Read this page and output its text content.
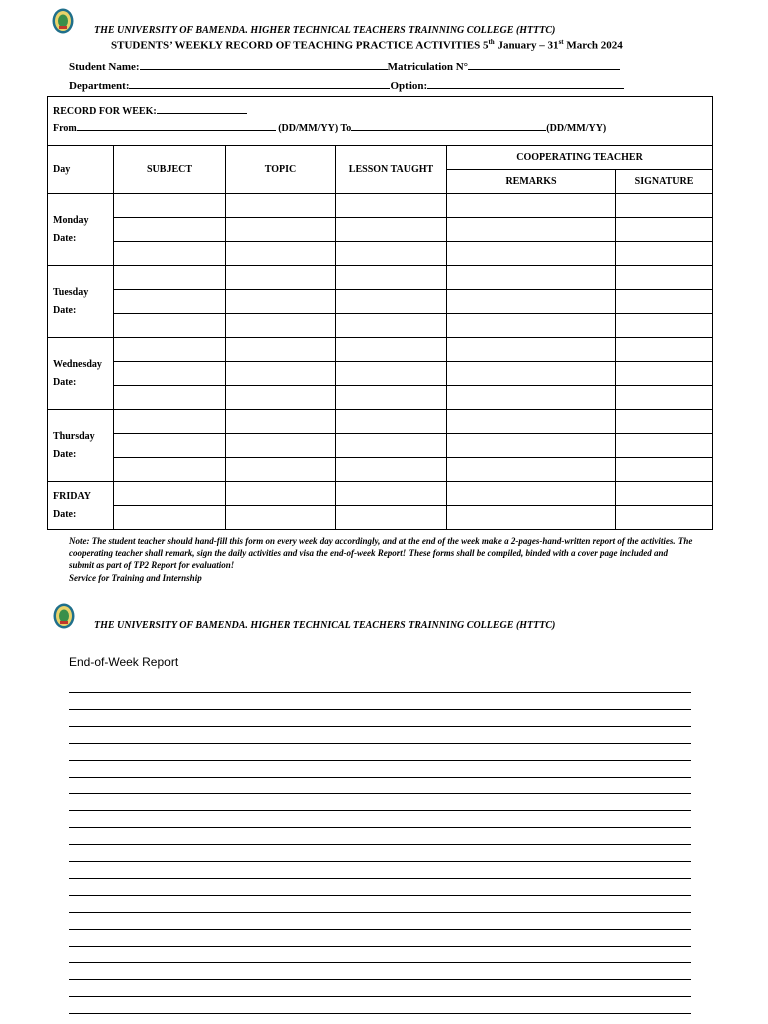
THE UNIVERSITY OF BAMENDA. HIGHER TECHNICAL TEACHERS TRAINNING COLLEGE (HTTTC)
STUDENTS’ WEEKLY RECORD OF TEACHING PRACTICE ACTIVITIES 5th January – 31st March 2024
Student Name:	Matriculation N°
Department:	Option:
RECORD FOR WEEK:
From (DD/MM/YY) To (DD/MM/YY)					

Day	SUBJECT	TOPIC	LESSON TAUGHT	COOPERATING TEACHER	
				REMARKS	SIGNATURE
Monday
Date:					

Tuesday
Date:					

Wednesday
Date:					

Thursday
Date:					

FRIDAY
Date:					

Note: The student teacher should hand-fill this form on every week day accordingly, and at the end of the week make a 2-pages-hand-written report of the activities. The cooperating teacher shall remark, sign the daily activities and visa the end-of-week Report! These forms shall be compiled, binded with a cover page included and submit as part of TP2 Report for evaluation!
Service for Training and Internship
THE UNIVERSITY OF BAMENDA. HIGHER TECHNICAL TEACHERS TRAINNING COLLEGE (HTTTC)
End-of-Week Report
